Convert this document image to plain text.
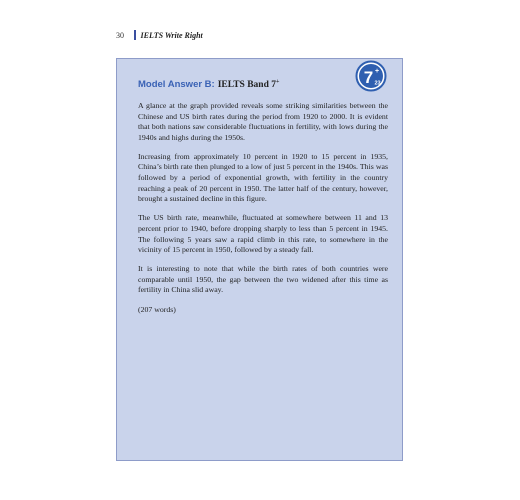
30 IELTS Write Right
Model Answer B: IELTS Band 7+	7 +
23

A glance at the graph provided reveals some striking similarities between the Chinese and US birth rates during the period from 1920 to 2000. It is evident that both nations saw considerable fluctuations in fertility, with lows during the 1940s and highs during the 1950s.

Increasing from approximately 10 percent in 1920 to 15 percent in 1935, China’s birth rate then plunged to a low of just 5 percent in the 1940s. This was followed by a period of exponential growth, with fertility in the country reaching a peak of 20 percent in 1950. The latter half of the century, however, brought a sustained decline in this figure.

The US birth rate, meanwhile, fluctuated at somewhere between 11 and 13 percent prior to 1940, before dropping sharply to less than 5 percent in 1945. The following 5 years saw a rapid climb in this rate, to somewhere in the vicinity of 15 percent in 1950, followed by a steady fall.

It is interesting to note that while the birth rates of both countries were comparable until 1950, the gap between the two widened after this time as fertility in China slid away.

(207 words)
